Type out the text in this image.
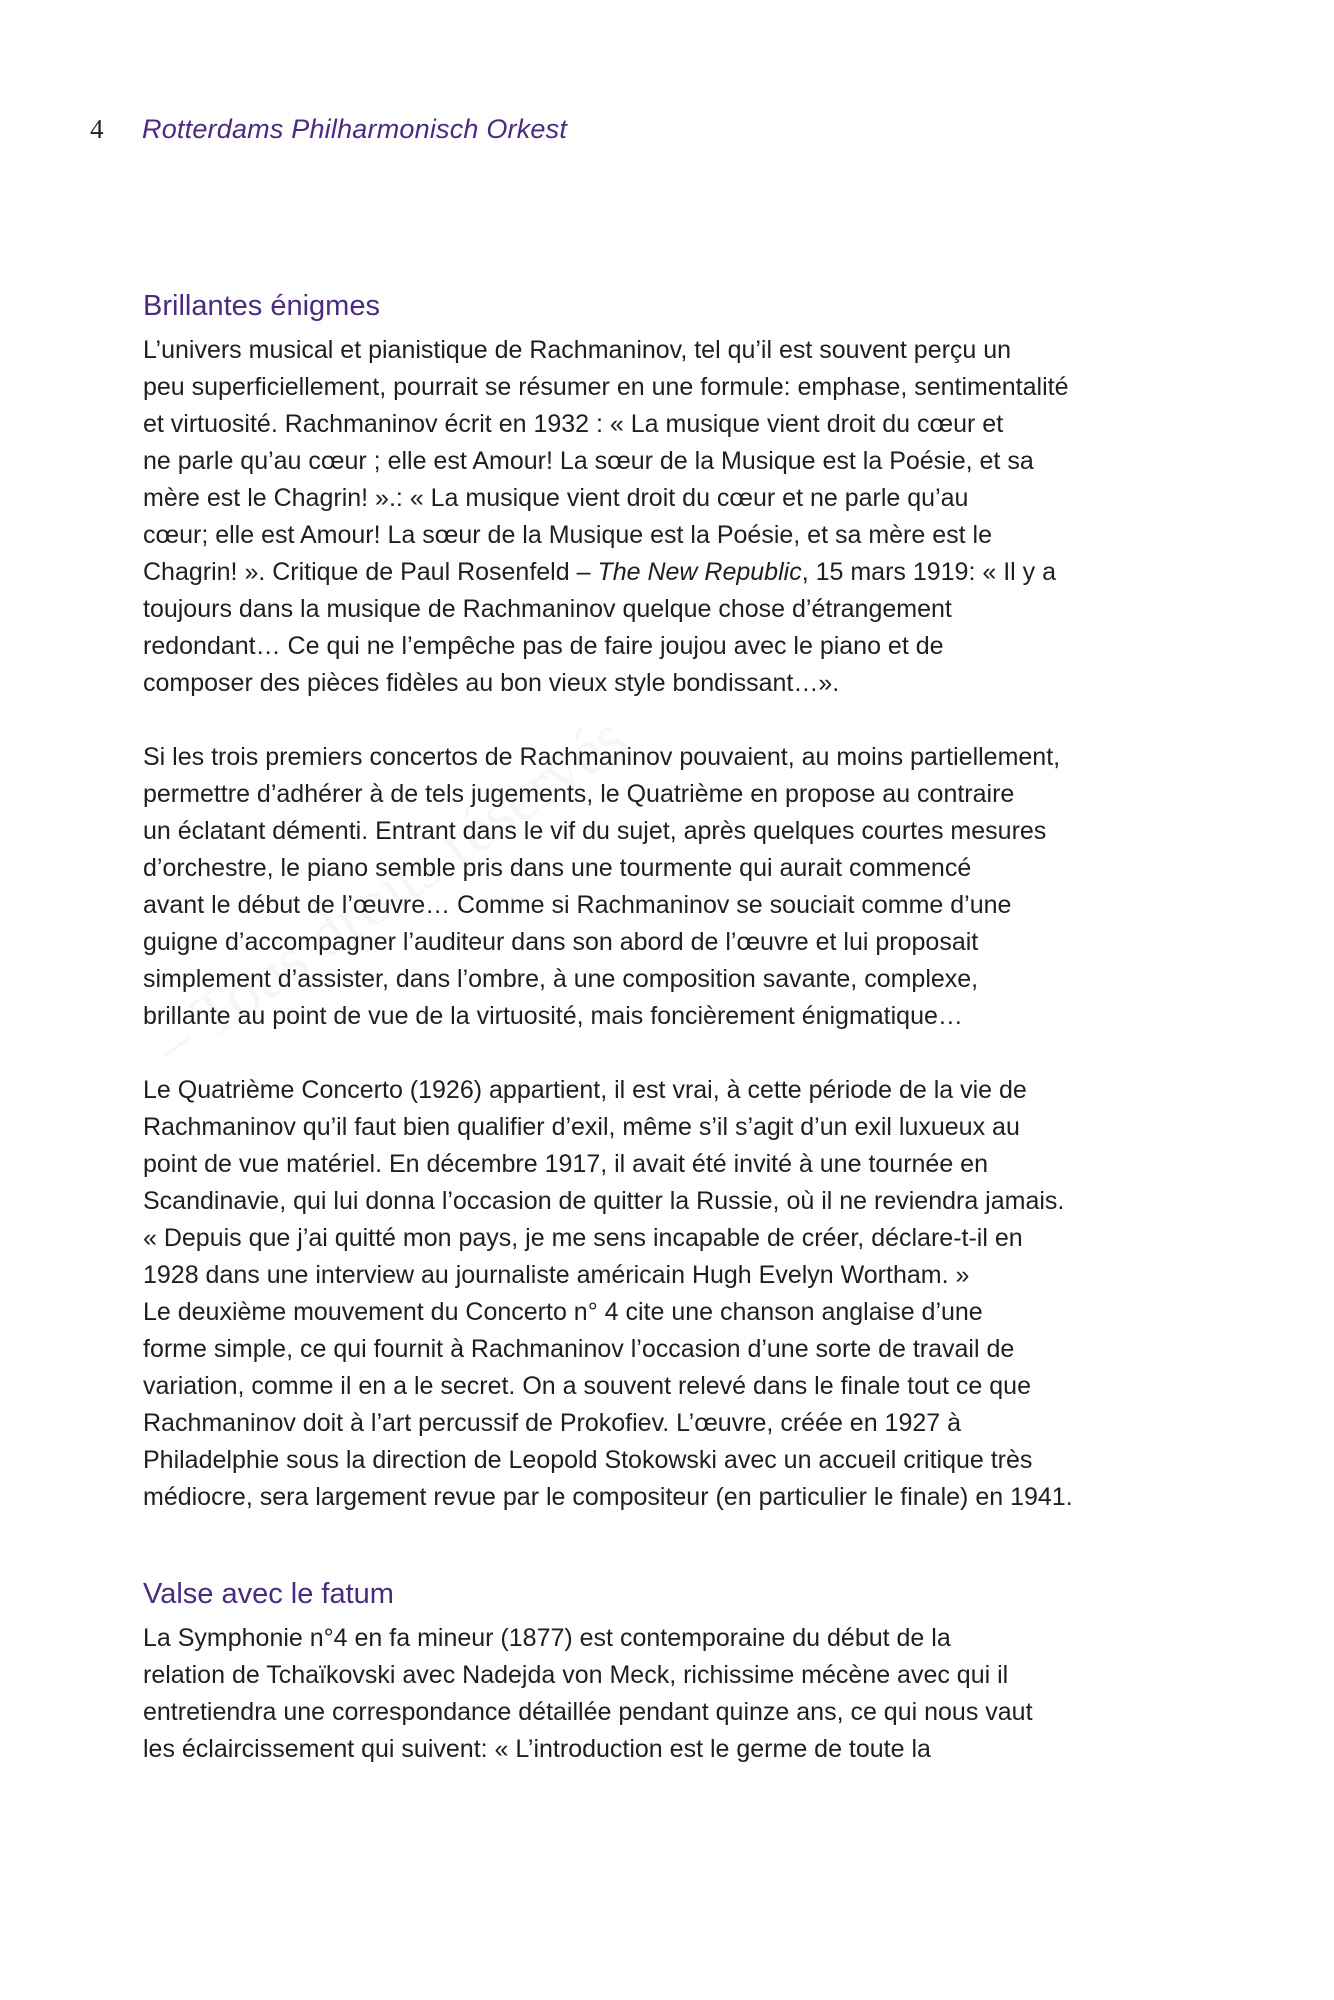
4	Rotterdams Philharmonisch Orkest
Brillantes énigmes

L’univers musical et pianistique de Rachmaninov, tel qu’il est souvent perçu un
peu superficiellement, pourrait se résumer en une formule: emphase, sentimentalité
et virtuosité. Rachmaninov écrit en 1932 : « La musique vient droit du cœur et
ne parle qu’au cœur ; elle est Amour! La sœur de la Musique est la Poésie, et sa
mère est le Chagrin! ».: « La musique vient droit du cœur et ne parle qu’au
cœur; elle est Amour! La sœur de la Musique est la Poésie, et sa mère est le
Chagrin! ». Critique de Paul Rosenfeld – The New Republic, 15 mars 1919: « Il y a
toujours dans la musique de Rachmaninov quelque chose d’étrangement
redondant… Ce qui ne l’empêche pas de faire joujou avec le piano et de
composer des pièces fidèles au bon vieux style bondissant…».

Si les trois premiers concertos de Rachmaninov pouvaient, au moins partiellement,
permettre d’adhérer à de tels jugements, le Quatrième en propose au contraire
un éclatant démenti. Entrant dans le vif du sujet, après quelques courtes mesures
d’orchestre, le piano semble pris dans une tourmente qui aurait commencé
avant le début de l’œuvre… Comme si Rachmaninov se souciait comme d’une
guigne d’accompagner l’auditeur dans son abord de l’œuvre et lui proposait
simplement d’assister, dans l’ombre, à une composition savante, complexe,
brillante au point de vue de la virtuosité, mais foncièrement énigmatique…

Le Quatrième Concerto (1926) appartient, il est vrai, à cette période de la vie de
Rachmaninov qu’il faut bien qualifier d’exil, même s’il s’agit d’un exil luxueux au
point de vue matériel. En décembre 1917, il avait été invité à une tournée en
Scandinavie, qui lui donna l’occasion de quitter la Russie, où il ne reviendra jamais.
« Depuis que j’ai quitté mon pays, je me sens incapable de créer, déclare-t-il en
1928 dans une interview au journaliste américain Hugh Evelyn Wortham. »
Le deuxième mouvement du Concerto n° 4 cite une chanson anglaise d’une
forme simple, ce qui fournit à Rachmaninov l’occasion d’une sorte de travail de
variation, comme il en a le secret. On a souvent relevé dans le finale tout ce que
Rachmaninov doit à l’art percussif de Prokofiev. L’œuvre, créée en 1927 à
Philadelphie sous la direction de Leopold Stokowski avec un accueil critique très
médiocre, sera largement revue par le compositeur (en particulier le finale) en 1941.

Valse avec le fatum

La Symphonie n°4 en fa mineur (1877) est contemporaine du début de la
relation de Tchaïkovski avec Nadejda von Meck, richissime mécène avec qui il
entretiendra une correspondance détaillée pendant quinze ans, ce qui nous vaut
les éclaircissement qui suivent: « L’introduction est le germe de toute la
